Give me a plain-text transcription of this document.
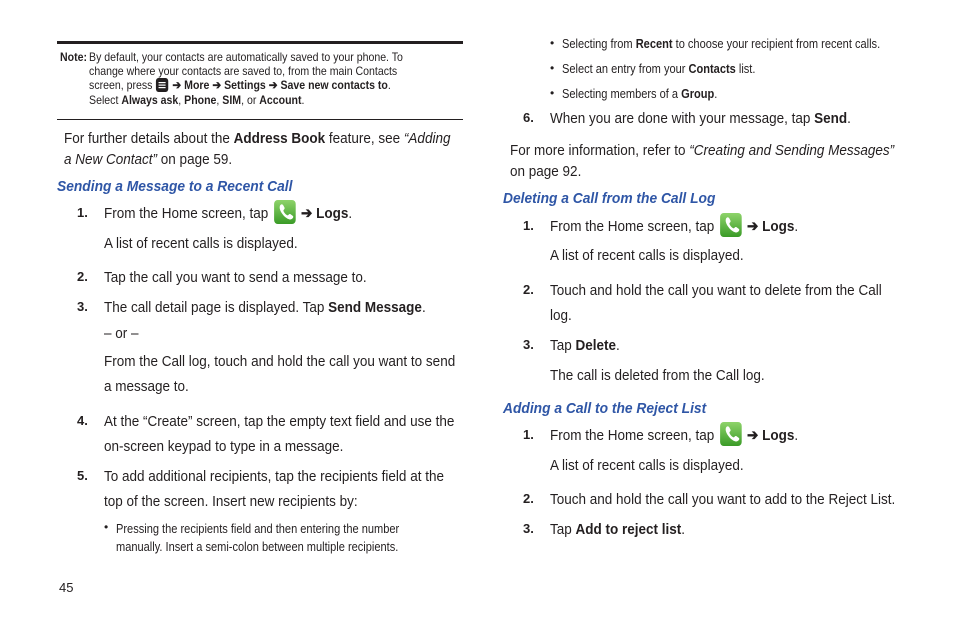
Note: By default, your contacts are automatically saved to your phone. To
change where your contacts are saved to, from the main Contacts
screen, press ➔ More ➔ Settings ➔ Save new contacts to.
Select Always ask, Phone, SIM, or Account.
For further details about the Address Book feature, see “Adding
a New Contact” on page 59.
Sending a Message to a Recent Call
1. From the Home screen, tap ➔ Logs.
A list of recent calls is displayed.
2. Tap the call you want to send a message to.
3. The call detail page is displayed. Tap Send Message.
– or –
From the Call log, touch and hold the call you want to send
a message to.
4. At the “Create” screen, tap the empty text field and use the
on-screen keypad to type in a message.
5. To add additional recipients, tap the recipients field at the
top of the screen. Insert new recipients by:
• Pressing the recipients field and then entering the number
manually. Insert a semi-colon between multiple recipients.
• Selecting from Recent to choose your recipient from recent calls.
• Select an entry from your Contacts list.
• Selecting members of a Group.
6. When you are done with your message, tap Send.
For more information, refer to “Creating and Sending Messages”
on page 92.
Deleting a Call from the Call Log
1. From the Home screen, tap ➔ Logs.
A list of recent calls is displayed.
2. Touch and hold the call you want to delete from the Call
log.
3. Tap Delete.
The call is deleted from the Call log.
Adding a Call to the Reject List
1. From the Home screen, tap ➔ Logs.
A list of recent calls is displayed.
2. Touch and hold the call you want to add to the Reject List.
3. Tap Add to reject list.
45
